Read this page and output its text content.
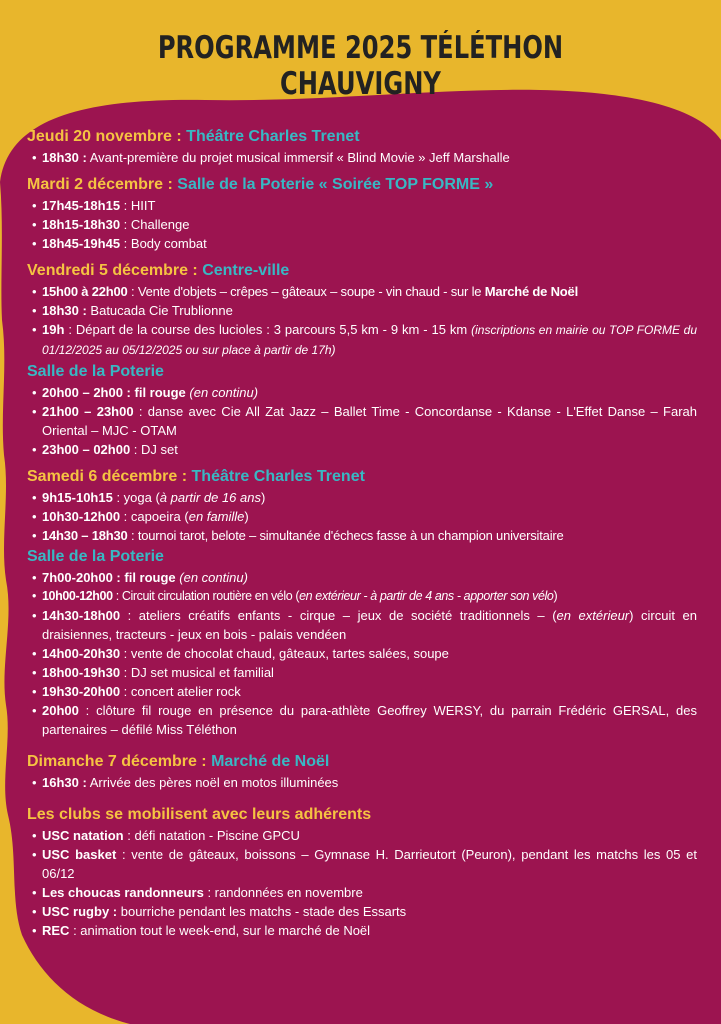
PROGRAMME 2025 TÉLÉTHON CHAUVIGNY
Jeudi 20 novembre : Théâtre Charles Trenet
• 18h30 : Avant-première du projet musical immersif « Blind Movie » Jeff Marshalle
Mardi 2 décembre : Salle de la Poterie « Soirée TOP FORME »
• 17h45-18h15 : HIIT
• 18h15-18h30 : Challenge
• 18h45-19h45 : Body combat
Vendredi 5 décembre : Centre-ville
• 15h00 à 22h00 : Vente d'objets – crêpes – gâteaux – soupe - vin chaud - sur le Marché de Noël
• 18h30 : Batucada Cie Trublionne
• 19h : Départ de la course des lucioles : 3 parcours 5,5 km - 9 km - 15 km (inscriptions en mairie ou TOP FORME du 01/12/2025 au 05/12/2025 ou sur place à partir de 17h)
Salle de la Poterie
• 20h00 – 2h00 : fil rouge (en continu)
• 21h00 – 23h00 : danse avec Cie All Zat Jazz – Ballet Time - Concordanse - Kdanse - L'Effet Danse – Farah Oriental – MJC - OTAM
• 23h00 – 02h00 : DJ set
Samedi 6 décembre : Théâtre Charles Trenet
• 9h15-10h15 : yoga (à partir de 16 ans)
• 10h30-12h00 : capoeira (en famille)
• 14h30 – 18h30 : tournoi tarot, belote – simultanée d'échecs fasse à un champion universitaire
Salle de la Poterie
• 7h00-20h00 : fil rouge (en continu)
• 10h00-12h00 : Circuit circulation routière en vélo (en extérieur - à partir de 4 ans - apporter son vélo)
• 14h30-18h00 : ateliers créatifs enfants - cirque – jeux de société traditionnels – (en extérieur) circuit en draisiennes, tracteurs - jeux en bois - palais vendéen
• 14h00-20h30 : vente de chocolat chaud, gâteaux, tartes salées, soupe
• 18h00-19h30 : DJ set musical et familial
• 19h30-20h00 : concert atelier rock
• 20h00 : clôture fil rouge en présence du para-athlète Geoffrey WERSY, du parrain Frédéric GERSAL, des partenaires – défilé Miss Téléthon
Dimanche 7 décembre : Marché de Noël
• 16h30 : Arrivée des pères noël en motos illuminées
Les clubs se mobilisent avec leurs adhérents
• USC natation : défi natation - Piscine GPCU
• USC basket : vente de gâteaux, boissons – Gymnase H. Darrieutort (Peuron), pendant les matchs les 05 et 06/12
• Les choucas randonneurs : randonnées en novembre
• USC rugby : bourriche pendant les matchs - stade des Essarts
• REC : animation tout le week-end, sur le marché de Noël
